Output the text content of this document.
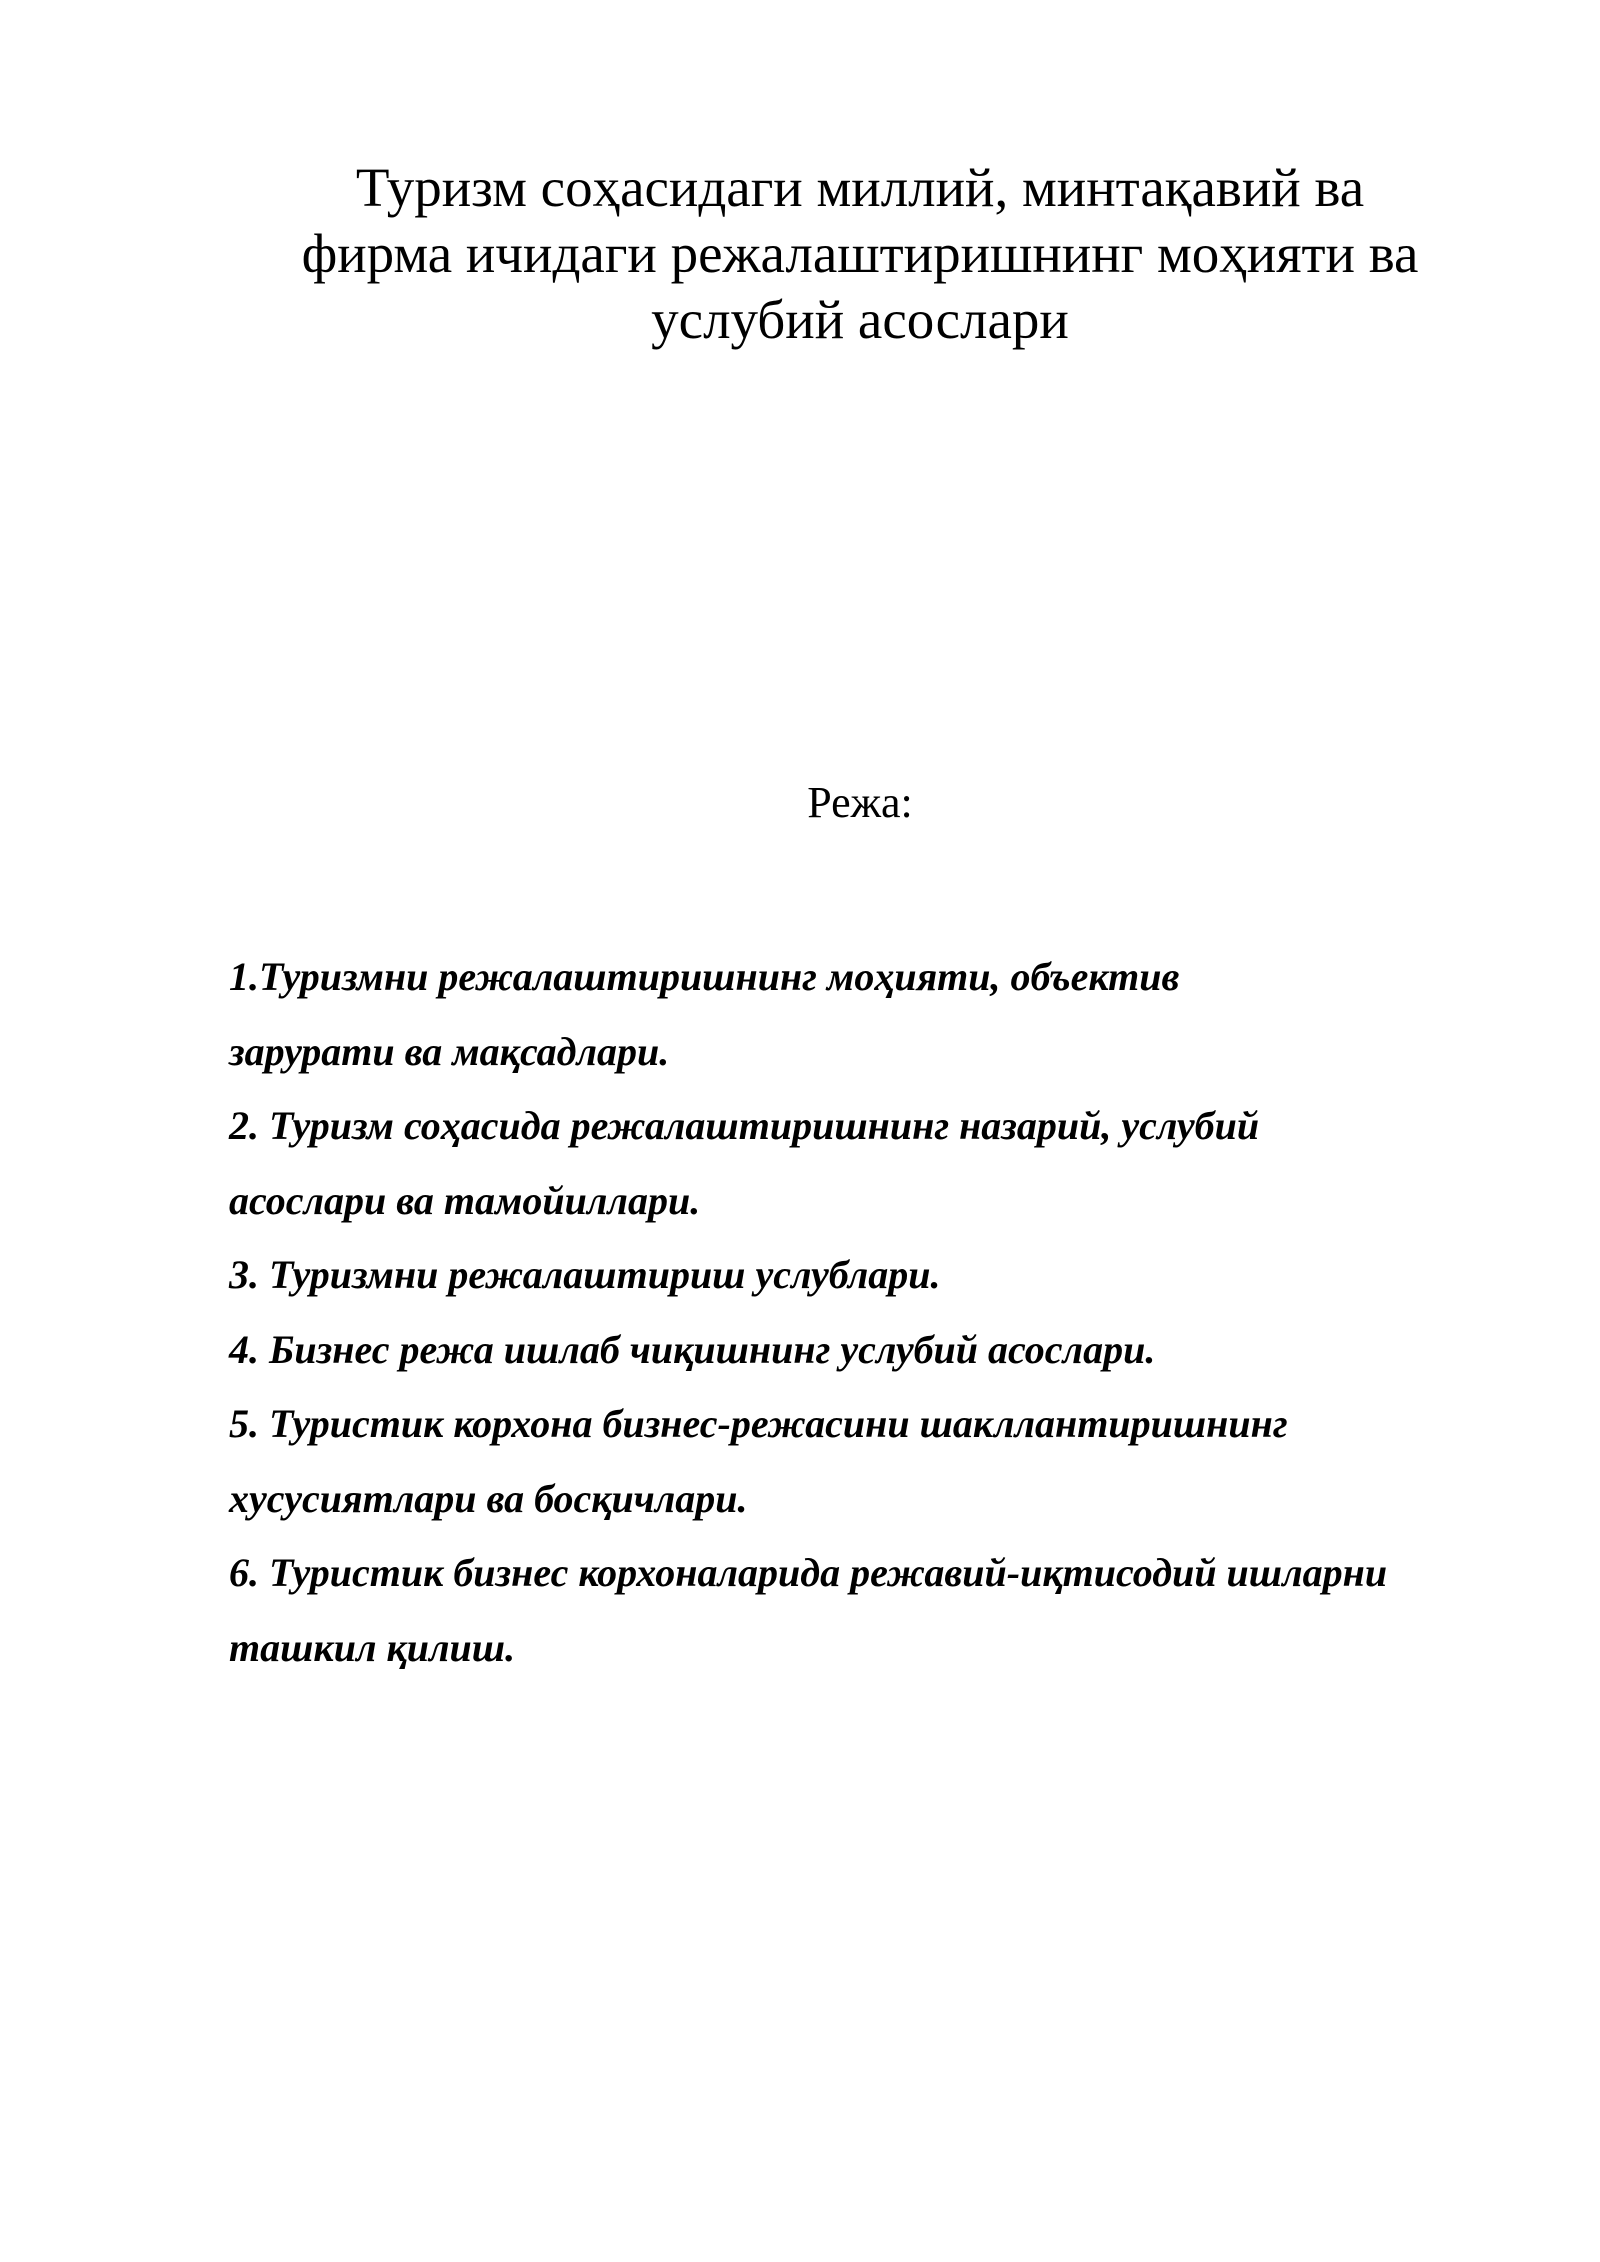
Туризм соҳасидаги миллий, минтақавий ва
фирма ичидаги режалаштиришнинг моҳияти ва
услубий асослари
Режа:
1.Туризмни режалаштиришнинг моҳияти, объектив
зарурати ва мақсадлари.
2. Туризм соҳасида режалаштиришнинг назарий, услубий
асослари ва тамойиллари.
3. Туризмни режалаштириш услублари.
4. Бизнес режа ишлаб чиқишнинг услубий асослари.
5. Туристик корхона бизнес-режасини шакллантиришнинг
хусусиятлари ва босқичлари.
6. Туристик бизнес корхоналарида режавий-иқтисодий ишларни
ташкил қилиш.
